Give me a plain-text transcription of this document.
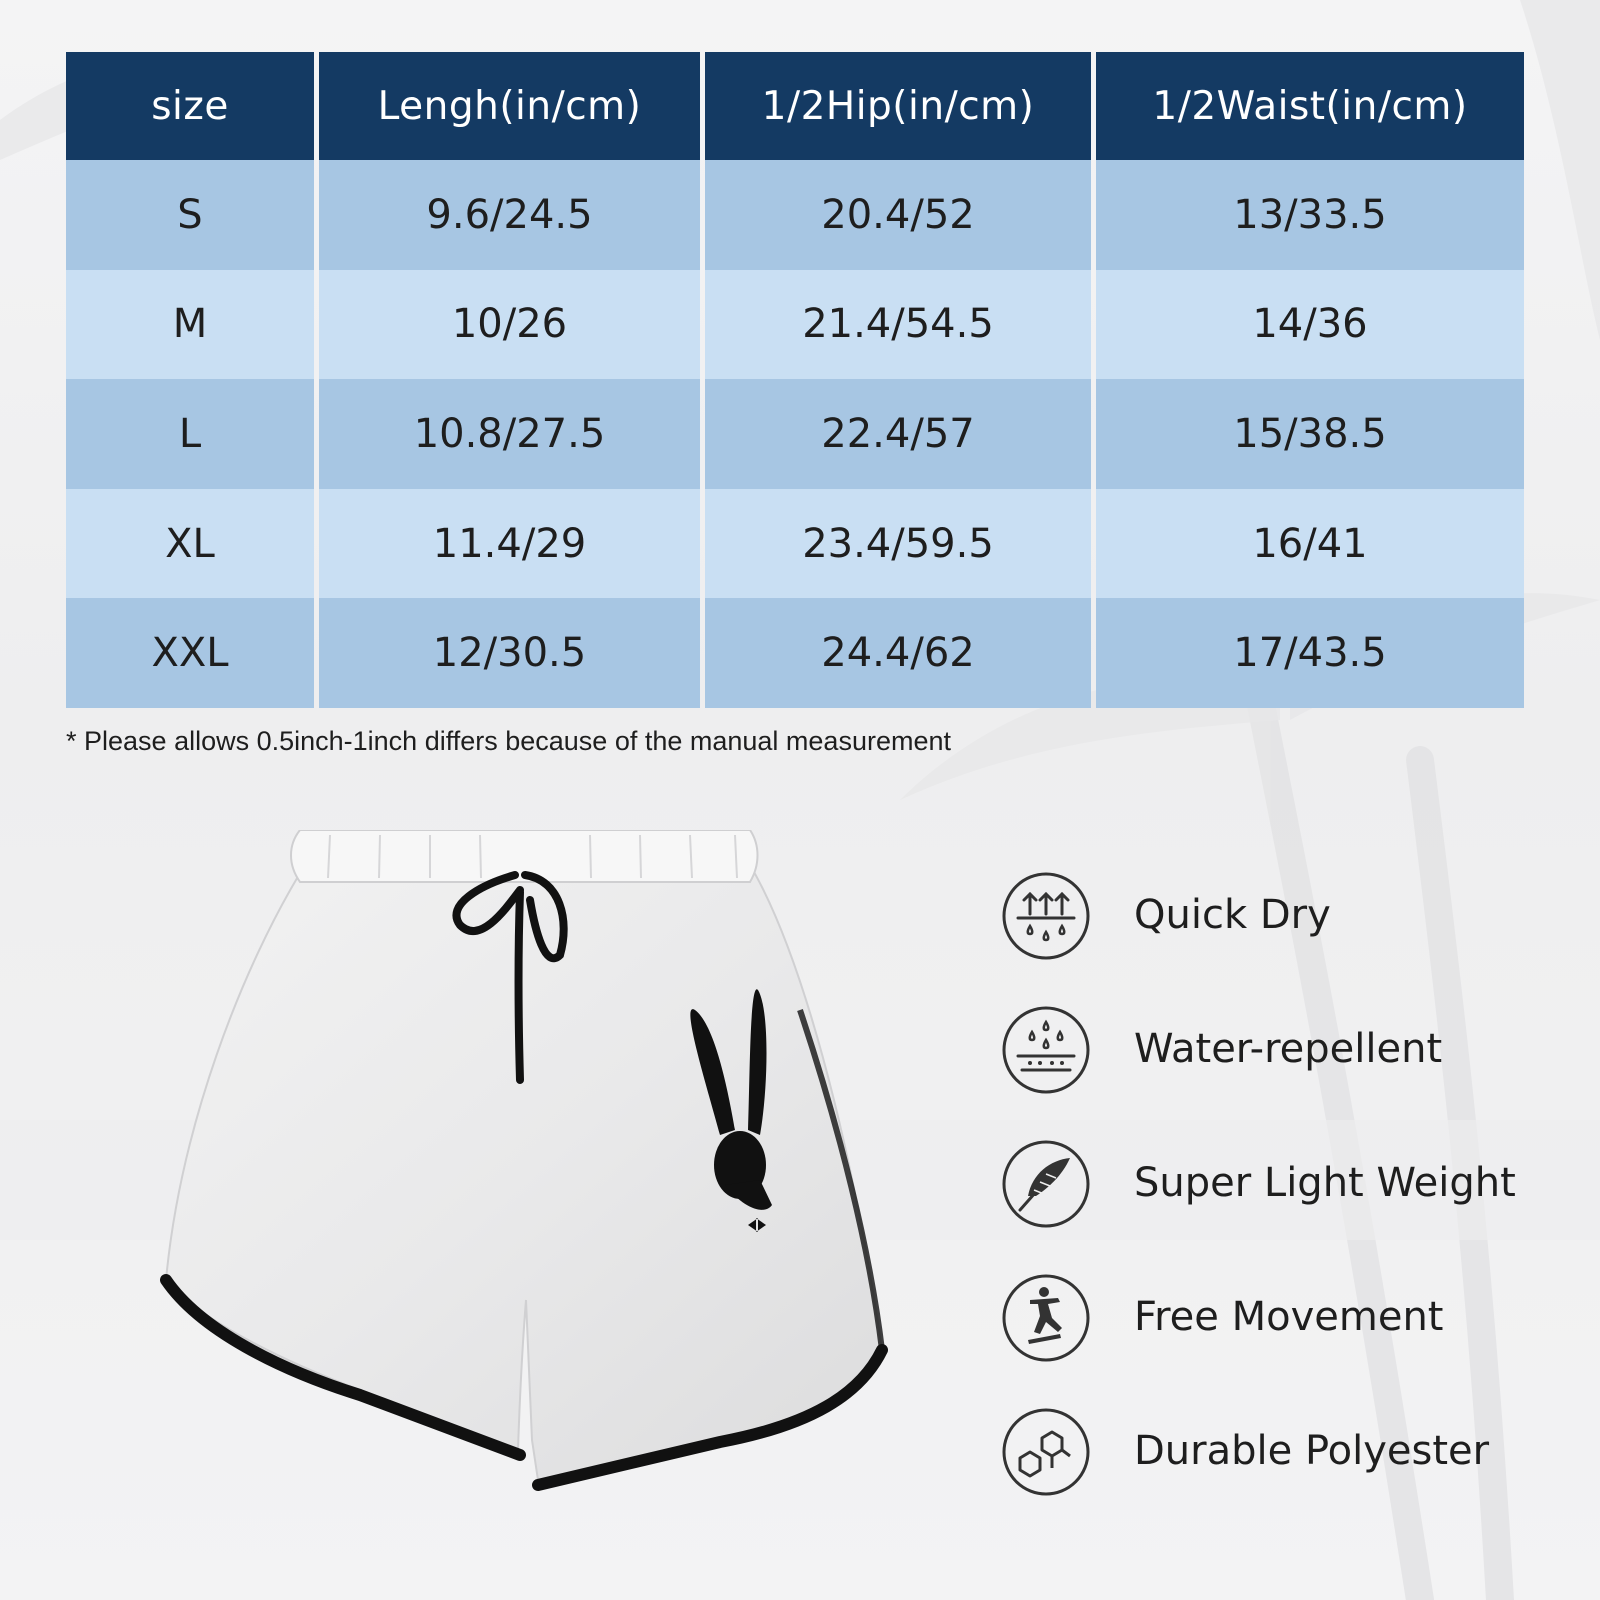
size	Lengh(in/cm)	1/2Hip(in/cm)	1/2Waist(in/cm)
S	9.6/24.5	20.4/52	13/33.5
M	10/26	21.4/54.5	14/36
L	10.8/27.5	22.4/57	15/38.5
XL	11.4/29	23.4/59.5	16/41
XXL	12/30.5	24.4/62	17/43.5
* Please allows 0.5inch-1inch differs because of the manual measurement
Quick Dry
Water-repellent
Super Light Weight
Free Movement
Durable Polyester
